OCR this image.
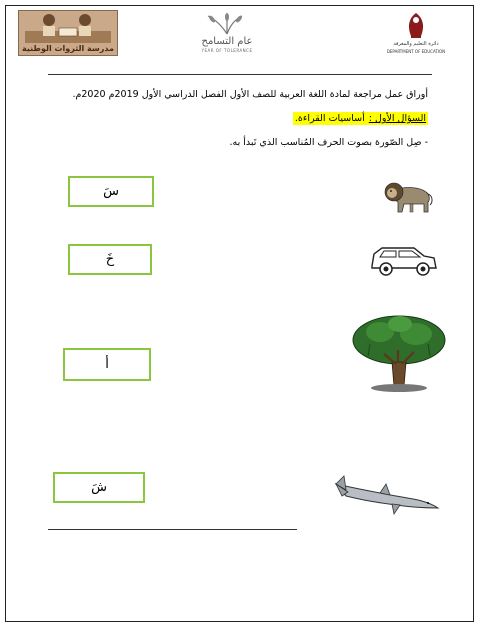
مدرسة الثروات الوطنية
عام التسامح
YEAR OF TOLERANCE
دائرة التعليم والمعرفة
DEPARTMENT OF EDUCATION
أوراق عمل مراجعة لمادة اللغة العربية للصف الأول الفصل الدراسي الأول 2019م 2020م.
السؤال الأول :أساسيات القراءة.
- صِل الصّورة بصوت الحرف المُناسب الذي تَبدأ به.
سَ
خَ
أ
شَ
